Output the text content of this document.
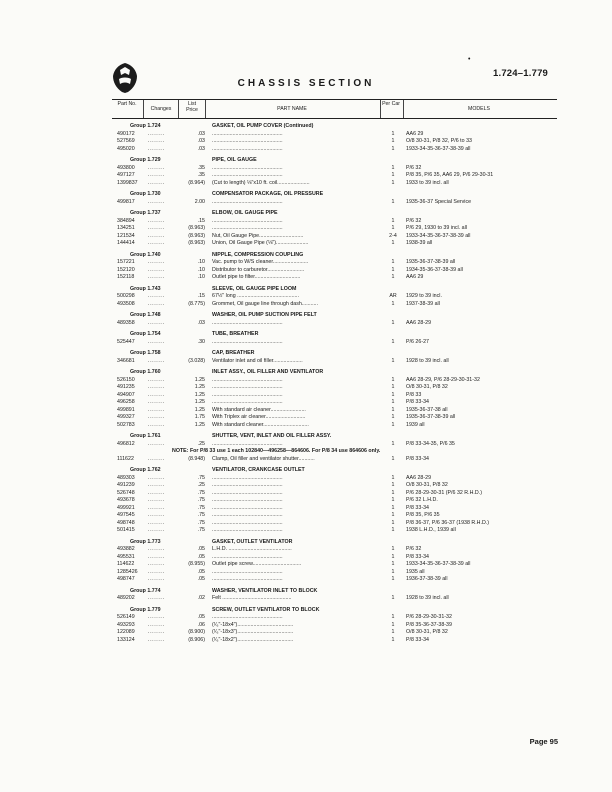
•
1.724–1.779
CHASSIS SECTION
Part No.
Changes
List Price	PART NAME
Per Car
MODELS
Group 1.724	GASKET, OIL PUMP COVER (Continued)
490172	........	.03 ................................................	1	AA6 29
527569	........	.03 ................................................	1	O/8 30-31, P/8 32, P/6 to 33
495020	........	.03 ................................................	1	1933-34-35-36-37-38-39 all
Group 1.729	PIPE, OIL GAUGE
493800	........	.35 ................................................	1	P/6 32
497127	........	.35 ................................................	1	P/8 35, P/6 35, AA6 29, P/6 29-30-31
1399837 ........	(8.964) (Cut to length) ⅛"x10 ft. coil......................	1	1933 to 39 incl. all
Group 1.730	COMPENSATOR PACKAGE, OIL PRESSURE
499817	........	2.00 ................................................	1	1935-36-37 Special Service
Group 1.737	ELBOW, OIL GAUGE PIPE
384894	........	.15 ................................................	1	P/6 32
134251	........	(8.963) ................................................	1	P/6 29, 1930 to 39 incl. all
121534	........	(8.963) Nut, Oil Gauge Pipe..............................	2-4	1933-34-35-36-37-38-39 all
144414	........	(8.963) Union, Oil Gauge Pipe (⅛")......................	1	1938-39 all
Group 1.740	NIPPLE, COMPRESSION COUPLING
157221	........	.10 Vac. pump to W/S cleaner........................	1	1935-36-37-38-39 all
152120	........	.10 Distributor to carburetor.........................	1	1934-35-36-37-38-39 all
152118	........	.10 Outlet pipe to filter...............................	1	AA6 29
Group 1.743	SLEEVE, OIL GAUGE PIPE LOOM
500298	........	.15 67½" long ..........................................	AR	1929 to 39 incl.
493508	........	(8.775) Grommet, Oil gauge line through dash...........	1	1937-38-39 all
Group 1.748	WASHER, OIL PUMP SUCTION PIPE FELT
489358	........	.03 ................................................	1	AA6 28-29
Group 1.754	TUBE, BREATHER
525447	........	.30 ................................................	1	P/6 26-27
Group 1.758	CAP, BREATHER
346681	........	(3.028) Ventilator inlet and oil filler....................	1	1928 to 39 incl. all
Group 1.760	INLET ASSY., OIL FILLER AND VENTILATOR
526150	........	1.25 ................................................	1	AA6 28-29, P/6 28-29-30-31-32
491235	........	1.25 ................................................	1	O/8 30-31, P/8 32
494907	........	1.25 ................................................	1	P/8 33
496258	........	1.25 ................................................	1	P/8 33-34
499891	........	1.25 With standard air cleaner........................	1	1935-36-37-38 all
499327	........	1.75 With Triplex air cleaner...........................	1	1935-36-37-38-39 all
502783	........	1.25 With standard cleaner...............................	1	1939 all
Group 1.761	SHUTTER, VENT, INLET AND OIL FILLER ASSY.
496812	........	.25 ................................................	1	P/8 33-34-35, P/6 35
NOTE: For P/8 33 use 1 each 102840—496258—864606. For P/8 34 use 864606 only.
111622	........	(8.948) Clamp, Oil filler and ventilator shutter...........	1	P/8 33-34
Group 1.762	VENTILATOR, CRANKCASE OUTLET
489303	........	.75 ................................................	1	AA6 28-29
491239	........	.25 ................................................	1	O/8 30-31, P/8 32
526748	........	.75 ................................................	1	P/6 28-29-30-31 (P/6 32 R.H.D.)
493678	........	.75 ................................................	1	P/6 32 L.H.D.
499921	........	.75 ................................................	1	P/8 33-34
497545	........	.75 ................................................	1	P/8 35, P/6 35
498748	........	.75 ................................................	1	P/8 36-37, P/6 36-37 (1938 R.H.D.)
501415	........	.75 ................................................	1	1938 L.H.D., 1939 all
Group 1.773	GASKET, OUTLET VENTILATOR
493882	........	.05 L.H.D. ...........................................	1	P/6 32
495531	........	.05 ................................................	1	P/8 33-34
114622	........	(8.955) Outlet pipe screw.................................	1	1933-34-35-36-37-38-39 all
1285426 ........	.05 ................................................	1	1935 all
498747	........	.05 ................................................	1	1936-37-38-39 all
Group 1.774	WASHER, VENTILATOR INLET TO BLOCK
489202	........	.02 Felt ...............................................	1	1928 to 39 incl. all
Group 1.779	SCREW, OUTLET VENTILATOR TO BLOCK
526149	........	.05 ................................................	1	P/6 28-29-30-31-32
493293	........	.06 (¹⁄₆"-18x4")......................................	1	P/8 35-36-37-38-39
122089	........	(8.900) (¹⁄₆"-18x3")......................................	1	O/8 30-31, P/8 32
133124	........	(8.906) (¹⁄₆"-18x2")......................................	1	P/8 33-34
Page 95
